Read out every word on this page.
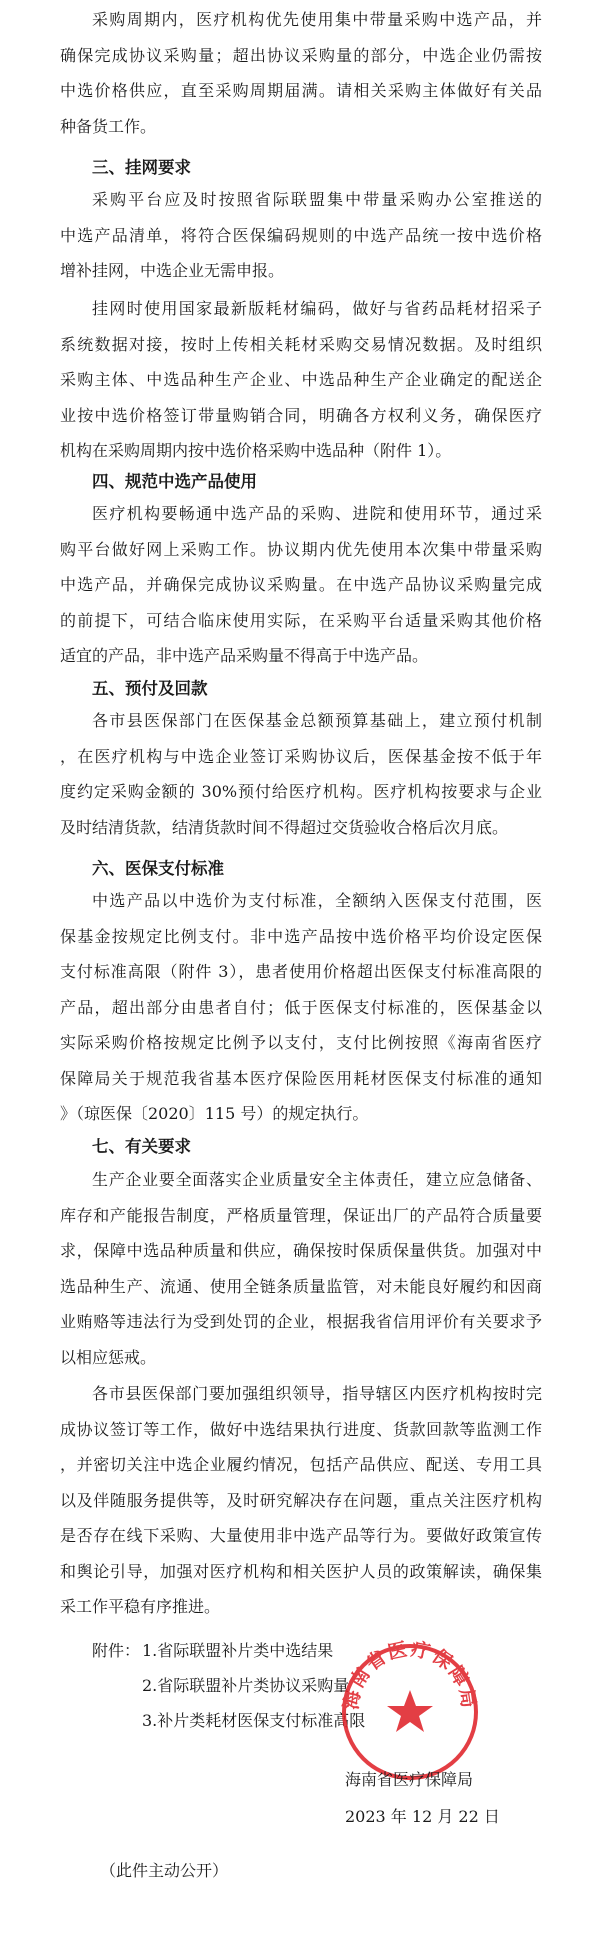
采购周期内，医疗机构优先使用集中带量采购中选产品，并
确保完成协议采购量；超出协议采购量的部分，中选企业仍需按
中选价格供应，直至采购周期届满。请相关采购主体做好有关品
种备货工作。
三、挂网要求
采购平台应及时按照省际联盟集中带量采购办公室推送的
中选产品清单，将符合医保编码规则的中选产品统一按中选价格
增补挂网，中选企业无需申报。
挂网时使用国家最新版耗材编码，做好与省药品耗材招采子
系统数据对接，按时上传相关耗材采购交易情况数据。及时组织
采购主体、中选品种生产企业、中选品种生产企业确定的配送企
业按中选价格签订带量购销合同，明确各方权利义务，确保医疗
机构在采购周期内按中选价格采购中选品种（附件 1）。
四、规范中选产品使用
医疗机构要畅通中选产品的采购、进院和使用环节，通过采
购平台做好网上采购工作。协议期内优先使用本次集中带量采购
中选产品，并确保完成协议采购量。在中选产品协议采购量完成
的前提下，可结合临床使用实际，在采购平台适量采购其他价格
适宜的产品，非中选产品采购量不得高于中选产品。
五、预付及回款
各市县医保部门在医保基金总额预算基础上，建立预付机制
，在医疗机构与中选企业签订采购协议后，医保基金按不低于年
度约定采购金额的 30%预付给医疗机构。医疗机构按要求与企业
及时结清货款，结清货款时间不得超过交货验收合格后次月底。
六、医保支付标准
中选产品以中选价为支付标准，全额纳入医保支付范围，医
保基金按规定比例支付。非中选产品按中选价格平均价设定医保
支付标准高限（附件 3），患者使用价格超出医保支付标准高限的
产品，超出部分由患者自付；低于医保支付标准的，医保基金以
实际采购价格按规定比例予以支付，支付比例按照《海南省医疗
保障局关于规范我省基本医疗保险医用耗材医保支付标准的通知
》（琼医保〔2020〕115 号）的规定执行。
七、有关要求
生产企业要全面落实企业质量安全主体责任，建立应急储备、
库存和产能报告制度，严格质量管理，保证出厂的产品符合质量要
求，保障中选品种质量和供应，确保按时保质保量供货。加强对中
选品种生产、流通、使用全链条质量监管，对未能良好履约和因商
业贿赂等违法行为受到处罚的企业，根据我省信用评价有关要求予
以相应惩戒。
各市县医保部门要加强组织领导，指导辖区内医疗机构按时完
成协议签订等工作，做好中选结果执行进度、货款回款等监测工作
，并密切关注中选企业履约情况，包括产品供应、配送、专用工具
以及伴随服务提供等，及时研究解决存在问题，重点关注医疗机构
是否存在线下采购、大量使用非中选产品等行为。要做好政策宣传
和舆论引导，加强对医疗机构和相关医护人员的政策解读，确保集
采工作平稳有序推进。
附件： 1.省际联盟补片类中选结果
2.省际联盟补片类协议采购量
3.补片类耗材医保支付标准高限
海南省医疗保障局
海南省医疗保障局
2023 年 12 月 22 日
（此件主动公开）
